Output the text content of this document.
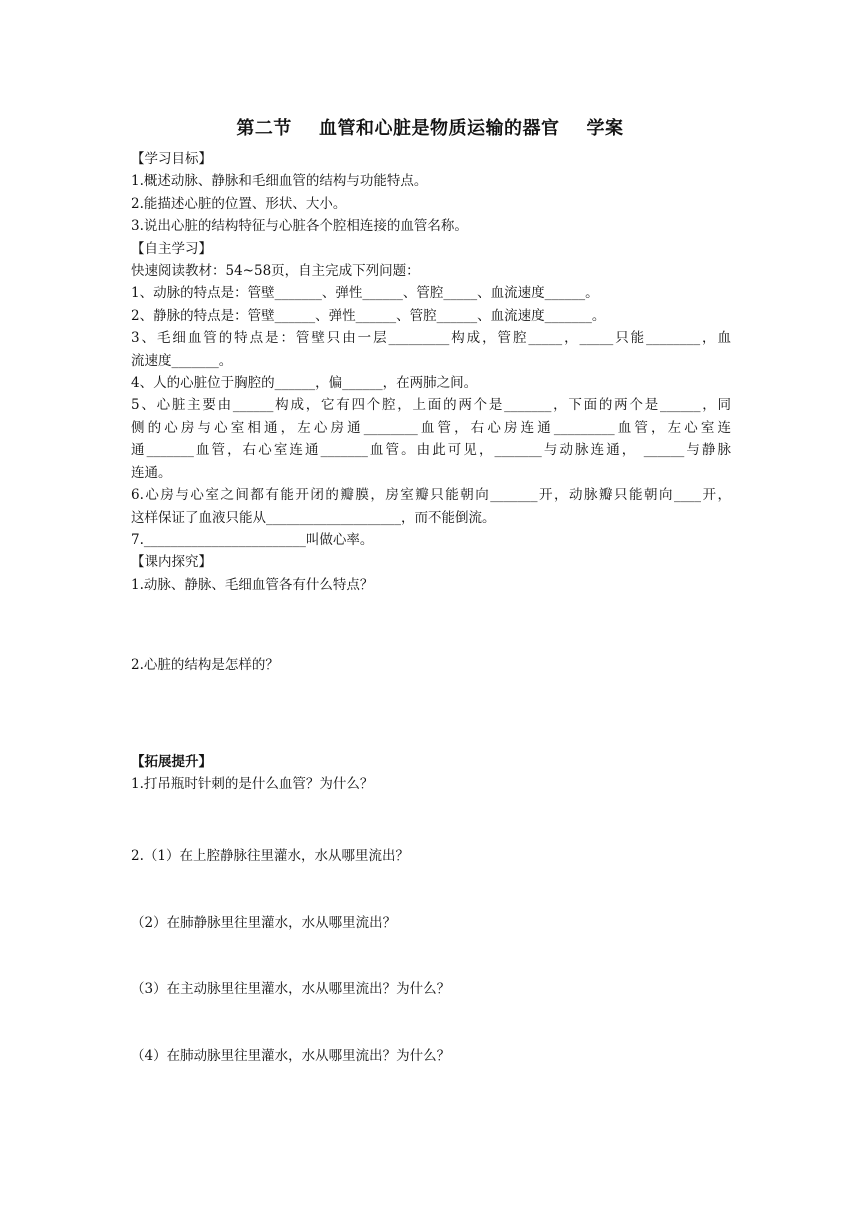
第二节    血管和心脏是物质运输的器官    学案
【学习目标】
1.概述动脉、静脉和毛细血管的结构与功能特点。
2.能描述心脏的位置、形状、大小。
3.说出心脏的结构特征与心脏各个腔相连接的血管名称。
【自主学习】
快速阅读教材：54~58页，自主完成下列问题：
1、动脉的特点是：管壁_______、弹性______、管腔_____、血流速度______。
2、静脉的特点是：管壁______、弹性______、管腔______、血流速度_______。
3、毛细血管的特点是：管壁只由一层_________构成，管腔_____，_____只能________，血
流速度_______。
4、人的心脏位于胸腔的______，偏______，在两肺之间。
5、心脏主要由______构成，它有四个腔，上面的两个是_______，下面的两个是______，同
侧的心房与心室相通，左心房通________血管，右心房连通_________血管，左心室连
通_______血管，右心室连通_______血管。由此可见，_______与动脉连通， ______与静脉
连通。
6.心房与心室之间都有能开闭的瓣膜，房室瓣只能朝向_______开，动脉瓣只能朝向____开，
这样保证了血液只能从____________________，而不能倒流。
7.________________________叫做心率。
【课内探究】
1.动脉、静脉、毛细血管各有什么特点？
2.心脏的结构是怎样的？
【拓展提升】
1.打吊瓶时针刺的是什么血管？为什么？
2.（1）在上腔静脉往里灌水，水从哪里流出？
（2）在肺静脉里往里灌水，水从哪里流出？
（3）在主动脉里往里灌水，水从哪里流出？为什么？
（4）在肺动脉里往里灌水，水从哪里流出？为什么？
